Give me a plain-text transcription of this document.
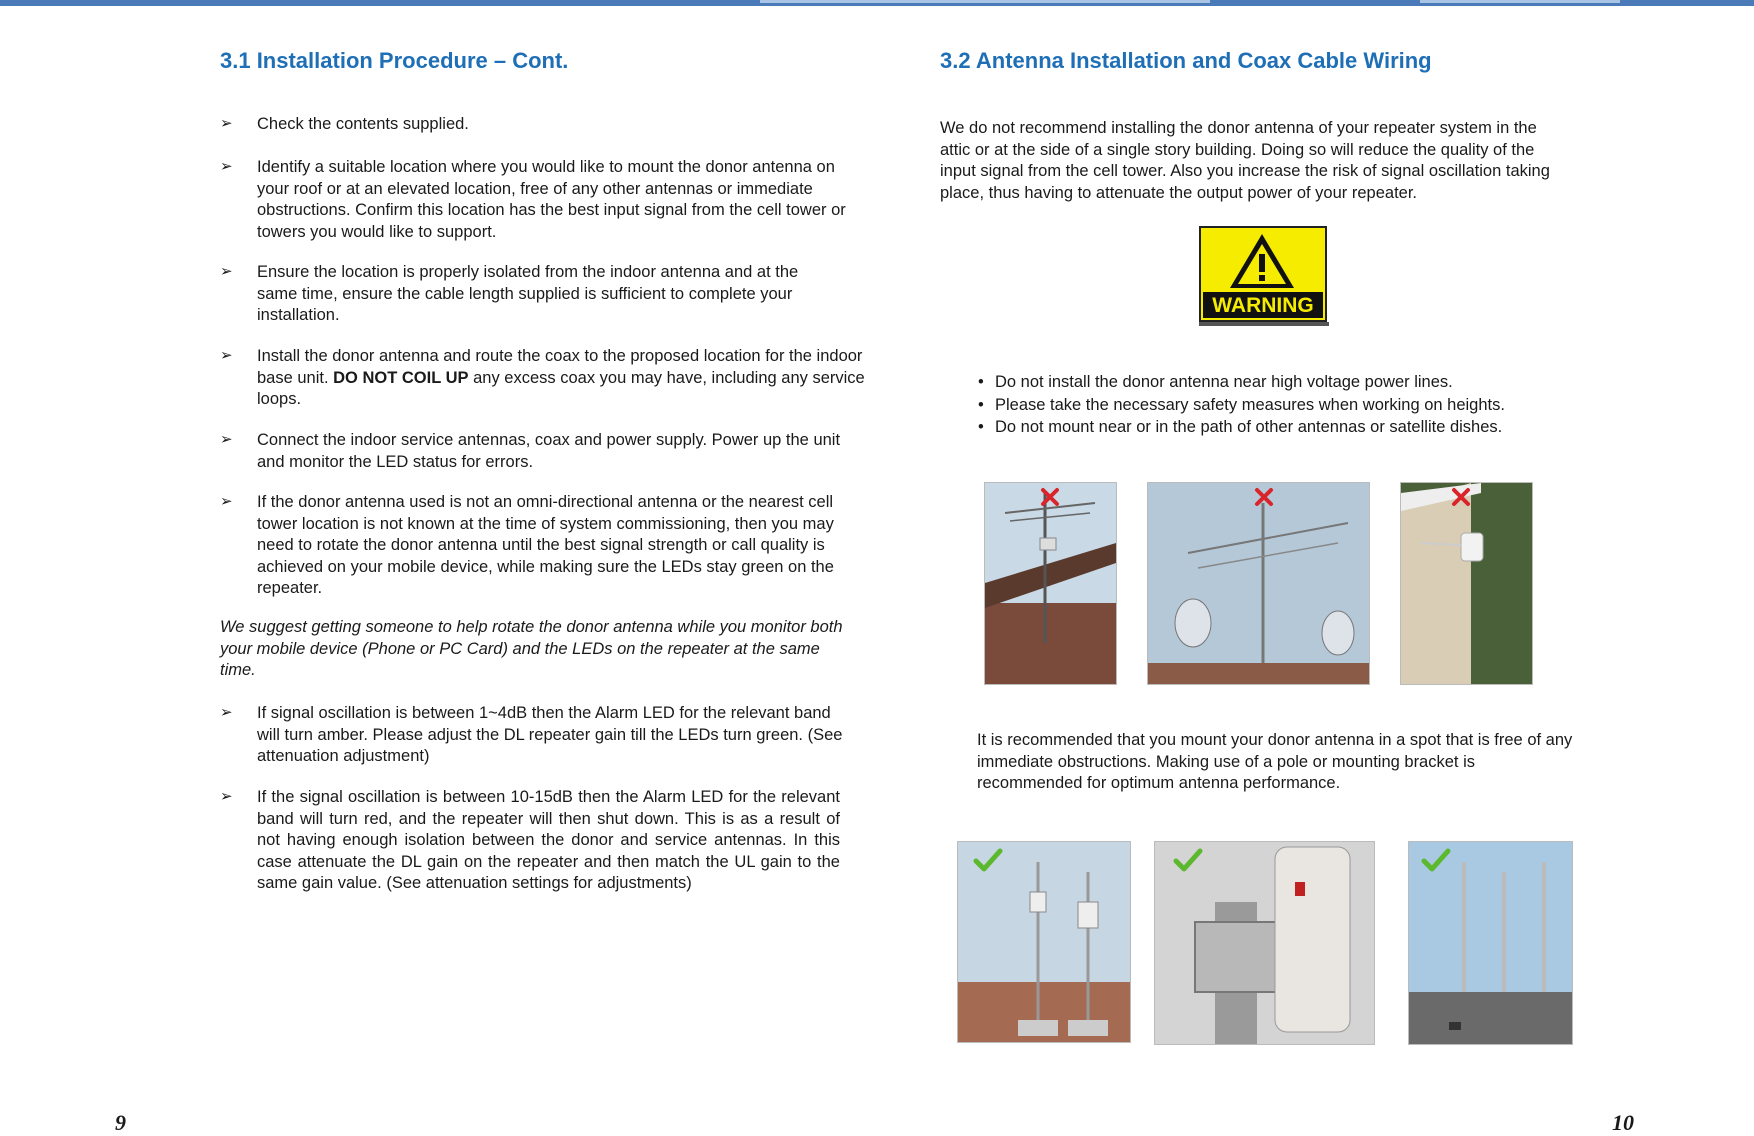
3.1 Installation Procedure – Cont.
➢ Check the contents supplied.
➢ Identify a suitable location where you would like to mount the donor antenna on your roof or at an elevated location, free of any other antennas or immediate obstructions. Confirm this location has the best input signal from the cell tower or towers you would like to support.
➢ Ensure the location is properly isolated from the indoor antenna and at the same time, ensure the cable length supplied is sufficient to complete your installation.
➢ Install the donor antenna and route the coax to the proposed location for the indoor base unit. DO NOT COIL UP any excess coax you may have, including any service loops.
➢ Connect the indoor service antennas, coax and power supply. Power up the unit and monitor the LED status for errors.
➢ If the donor antenna used is not an omni-directional antenna or the nearest cell tower location is not known at the time of system commissioning, then you may need to rotate the donor antenna until the best signal strength or call quality is achieved on your mobile device, while making sure the LEDs stay green on the repeater.
We suggest getting someone to help rotate the donor antenna while you monitor both your mobile device (Phone or PC Card) and the LEDs on the repeater at the same time.
➢ If signal oscillation is between 1~4dB then the Alarm LED for the relevant band will turn amber. Please adjust the DL repeater gain till the LEDs turn green. (See attenuation adjustment)
➢ If the signal oscillation is between 10-15dB then the Alarm LED for the relevant band will turn red, and the repeater will then shut down. This is as a result of not having enough isolation between the donor and service antennas. In this case attenuate the DL gain on the repeater and then match the UL gain to the same gain value. (See attenuation settings for adjustments)
9
3.2 Antenna Installation and Coax Cable Wiring
We do not recommend installing the donor antenna of your repeater system in the attic or at the side of a single story building. Doing so will reduce the quality of the input signal from the cell tower. Also you increase the risk of signal oscillation taking place, thus having to attenuate the output power of your repeater.
WARNING
• Do not install the donor antenna near high voltage power lines.
• Please take the necessary safety measures when working on heights.
• Do not mount near or in the path of other antennas or satellite dishes.
It is recommended that you mount your donor antenna in a spot that is free of any immediate obstructions. Making use of a pole or mounting bracket is recommended for optimum antenna performance.
10
